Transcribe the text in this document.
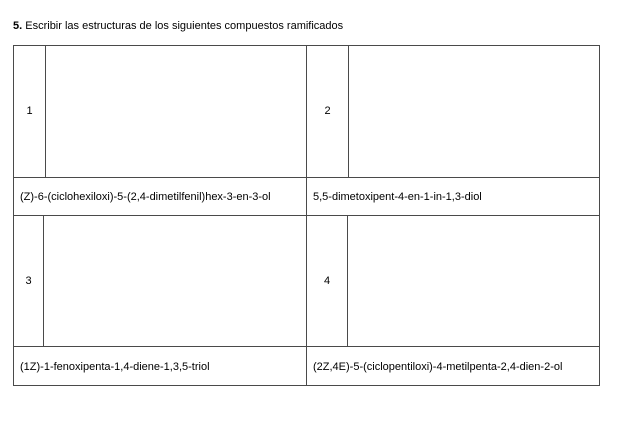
5. Escribir las estructuras de los siguientes compuestos ramificados
1
(Z)-6-(ciclohexiloxi)-5-(2,4-dimetilfenil)hex-3-en-3-ol
2
5,5-dimetoxipent-4-en-1-in-1,3-diol
3
(1Z)-1-fenoxipenta-1,4-diene-1,3,5-triol
4
(2Z,4E)-5-(ciclopentiloxi)-4-metilpenta-2,4-dien-2-ol
